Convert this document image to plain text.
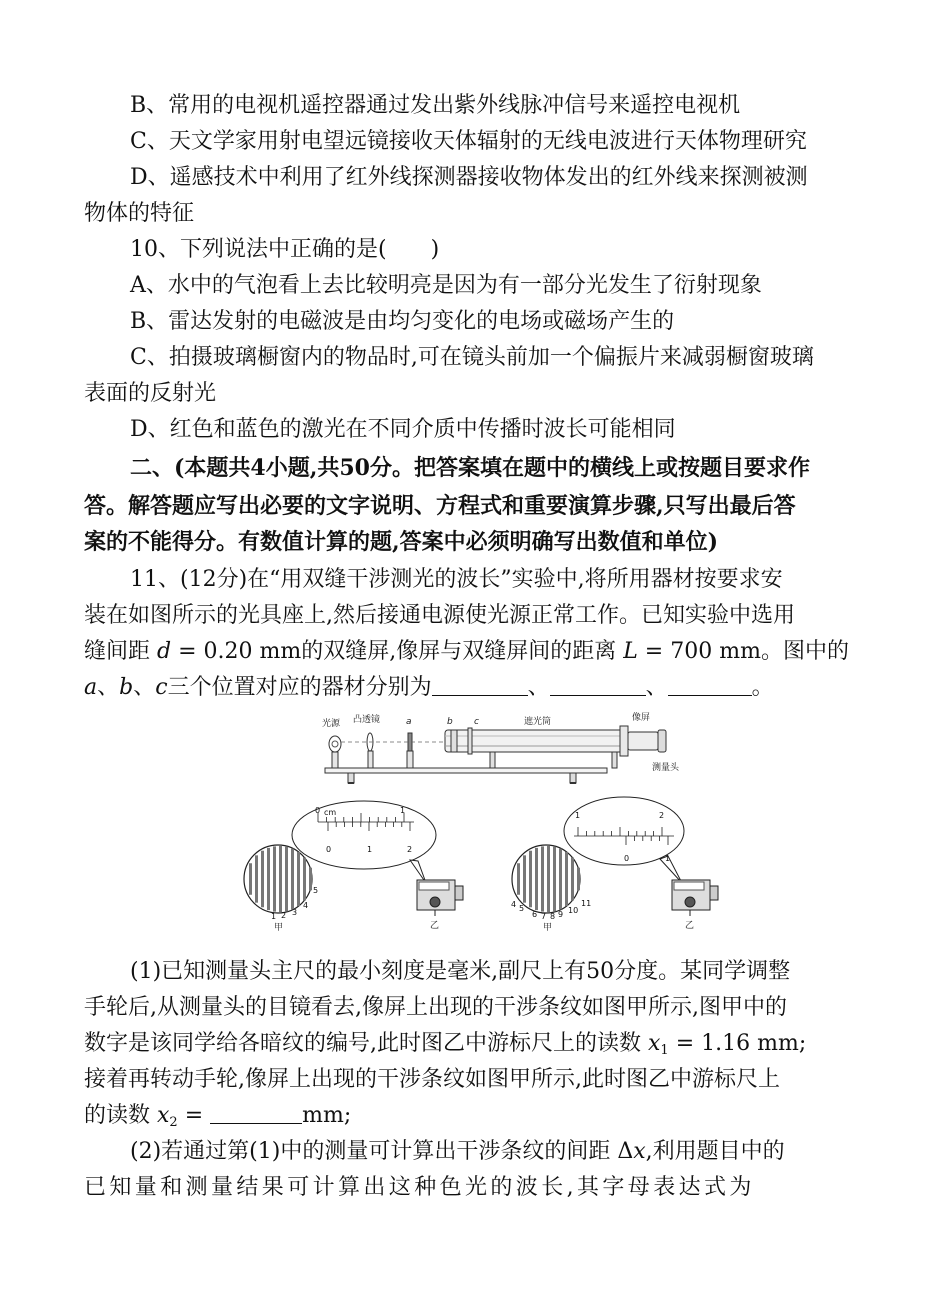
B、常用的电视机遥控器通过发出紫外线脉冲信号来遥控电视机
C、天文学家用射电望远镜接收天体辐射的无线电波进行天体物理研究
D、遥感技术中利用了红外线探测器接收物体发出的红外线来探测被测
物体的特征
10、下列说法中正确的是(　　)
A、水中的气泡看上去比较明亮是因为有一部分光发生了衍射现象
B、雷达发射的电磁波是由均匀变化的电场或磁场产生的
C、拍摄玻璃橱窗内的物品时,可在镜头前加一个偏振片来减弱橱窗玻璃
表面的反射光
D、红色和蓝色的激光在不同介质中传播时波长可能相同
二、(本题共4小题,共50分。把答案填在题中的横线上或按题目要求作
答。解答题应写出必要的文字说明、方程式和重要演算步骤,只写出最后答
案的不能得分。有数值计算的题,答案中必须明确写出数值和单位)
11、(12分)在“用双缝干涉测光的波长”实验中,将所用器材按要求安
装在如图所示的光具座上,然后接通电源使光源正常工作。已知实验中选用
缝间距 d = 0.20 mm的双缝屏,像屏与双缝屏间的距离 L = 700 mm。图中的
a、b、c三个位置对应的器材分别为	、	、	。
光源 凸透镜	a	b c	遮光筒	像屏
测量头
1 2 3
4
5
甲
0 cm	1
0	1	2
乙
4 5
6 7 8 9 10
11
甲
1	2
0	1
乙
(1)已知测量头主尺的最小刻度是毫米,副尺上有50分度。某同学调整
手轮后,从测量头的目镜看去,像屏上出现的干涉条纹如图甲所示,图甲中的
数字是该同学给各暗纹的编号,此时图乙中游标尺上的读数 $x_1 = 1.16$ mm;
接着再转动手轮,像屏上出现的干涉条纹如图甲所示,此时图乙中游标尺上
的读数 $x_2$ =	mm;
(2)若通过第(1)中的测量可计算出干涉条纹的间距 Δx,利用题目中的
已知量和测量结果可计算出这种色光的波长,其字母表达式为
